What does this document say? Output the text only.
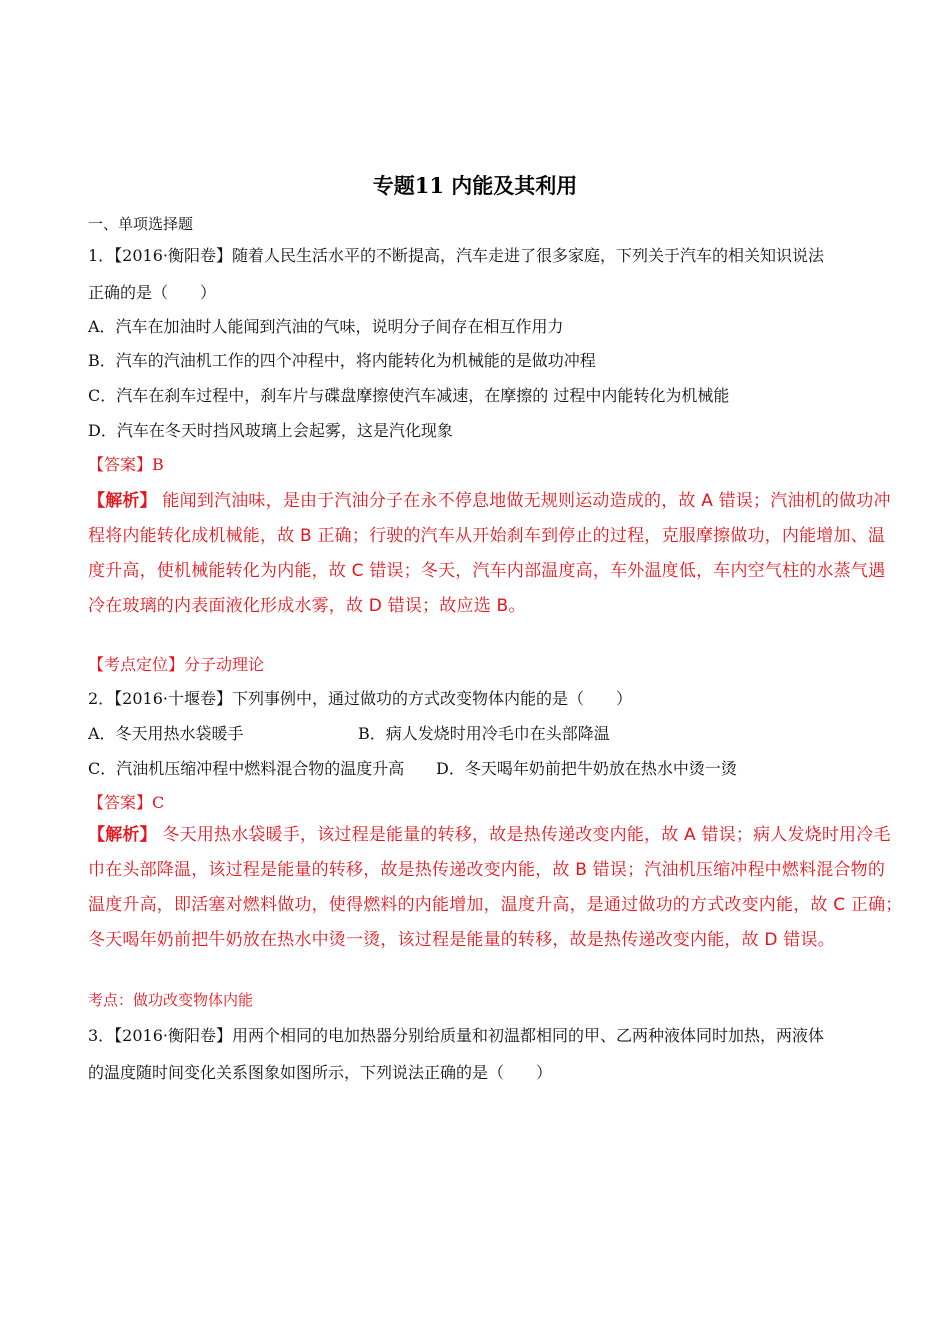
专题11 内能及其利用
一、单项选择题
1．【2016·衡阳卷】随着人民生活水平的不断提高，汽车走进了很多家庭，下列关于汽车的相关知识说法
正确的是（　　）
A．汽车在加油时人能闻到汽油的气味，说明分子间存在相互作用力
B．汽车的汽油机工作的四个冲程中，将内能转化为机械能的是做功冲程
C．汽车在刹车过程中，刹车片与碟盘摩擦使汽车减速，在摩擦的 过程中内能转化为机械能
D．汽车在冬天时挡风玻璃上会起雾，这是汽化现象
【答案】B
【解析】 能闻到汽油味，是由于汽油分子在永不停息地做无规则运动造成的，故 A 错误；汽油机的做功冲
程将内能转化成机械能，故 B 正确；行驶的汽车从开始刹车到停止的过程，克服摩擦做功，内能增加、温
度升高，使机械能转化为内能，故 C 错误；冬天，汽车内部温度高，车外温度低，车内空气柱的水蒸气遇
冷在玻璃的内表面液化形成水雾，故 D 错误；故应选 B。
【考点定位】分子动理论
2．【2016·十堰卷】下列事例中，通过做功的方式改变物体内能的是（　　）
A．冬天用热水袋暖手	B．病人发烧时用冷毛巾在头部降温
C．汽油机压缩冲程中燃料混合物的温度升高 D．冬天喝年奶前把牛奶放在热水中烫一烫
【答案】C
【解析】 冬天用热水袋暖手，该过程是能量的转移，故是热传递改变内能，故 A 错误；病人发烧时用冷毛
巾在头部降温，该过程是能量的转移，故是热传递改变内能，故 B 错误；汽油机压缩冲程中燃料混合物的
温度升高，即活塞对燃料做功，使得燃料的内能增加，温度升高，是通过做功的方式改变内能，故 C 正确；
冬天喝年奶前把牛奶放在热水中烫一烫，该过程是能量的转移，故是热传递改变内能，故 D 错误。
考点：做功改变物体内能
3．【2016·衡阳卷】用两个相同的电加热器分别给质量和初温都相同的甲、乙两种液体同时加热，两液体
的温度随时间变化关系图象如图所示，下列说法正确的是（　　）
